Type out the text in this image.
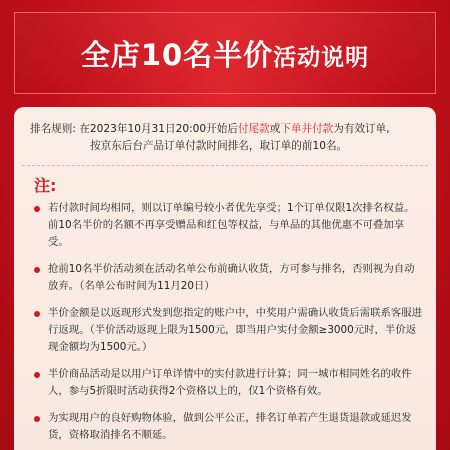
全店10名半价活动说明
排名规则: 在2023年10月31日20:00开始后付尾款或下单并付款为有效订单,
按京东后台产品订单付款时间排名，取订单的前10名。
注:
若付款时间均相同，则以订单编号较小者优先享受；1个订单仅限1次排名权益。前10名半价的名额不再享受赠品和红包等权益，与单品的其他优惠不可叠加享受。
抢前10名半价活动须在活动名单公布前确认收货，方可参与排名，否则视为自动放弃。（名单公布时间为11月20日）
半价金额是以返现形式发到您指定的账户中，中奖用户需确认收货后需联系客服进行返现。（半价活动返现上限为1500元，即当用户实付金额≥3000元时，半价返现金额均为1500元。）
半价商品活动是以用户订单详情中的实付款进行计算；同一城市相同姓名的收件人，参与5折限时活动获得2个资格以上的，仅1个资格有效。
为实现用户的良好购物体验，做到公平公正，排名订单若产生退货退款或延迟发货，资格取消排名不顺延。
